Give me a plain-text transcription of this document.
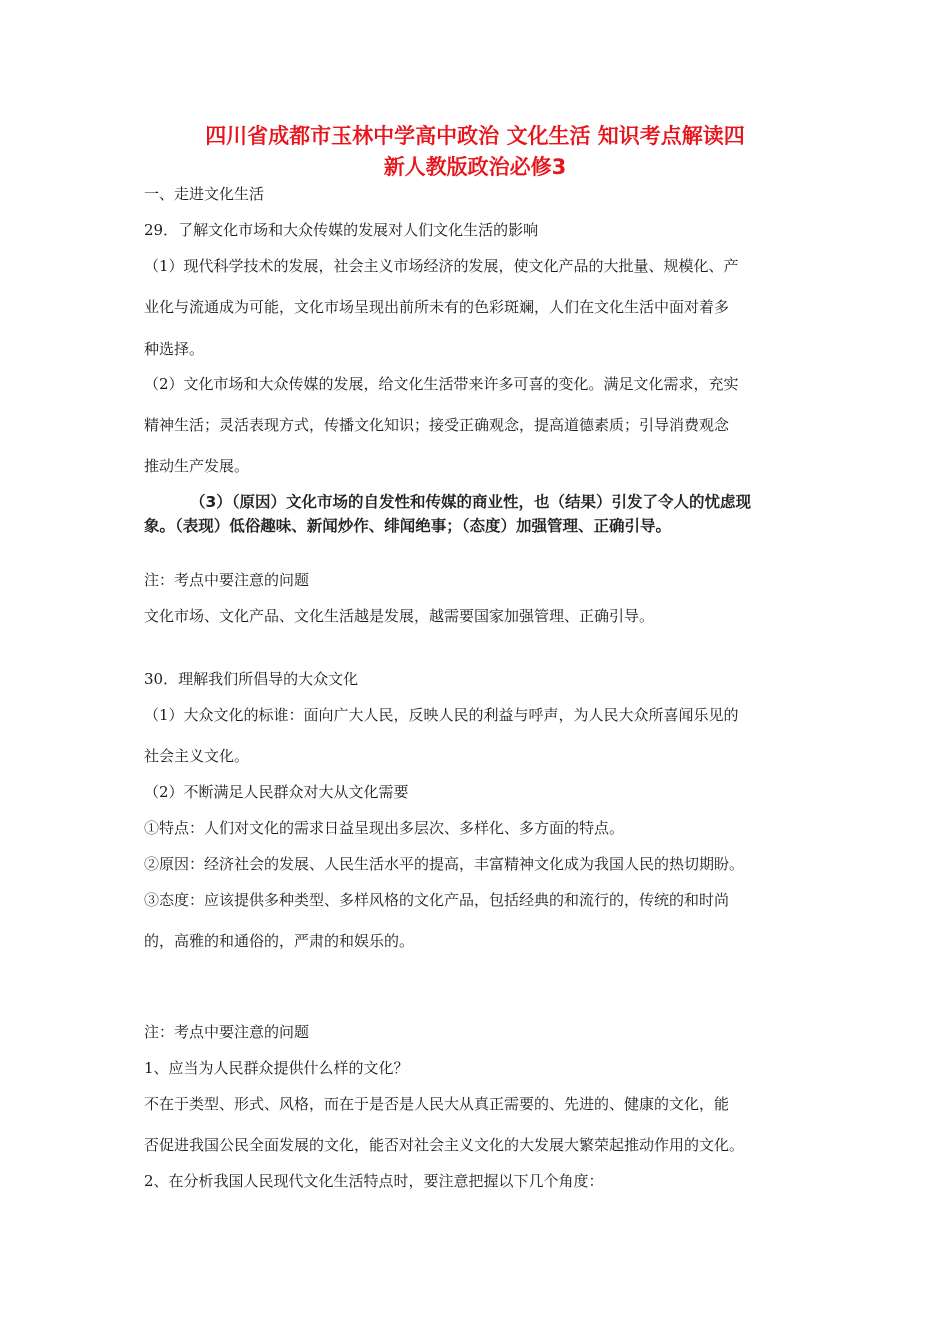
四川省成都市玉林中学高中政治 文化生活 知识考点解读四
新人教版政治必修3
一、走进文化生活
29．了解文化市场和大众传媒的发展对人们文化生活的影响
（1）现代科学技术的发展，社会主义市场经济的发展，使文化产品的大批量、规模化、产
业化与流通成为可能，文化市场呈现出前所未有的色彩斑斓，人们在文化生活中面对着多
种选择。
（2）文化市场和大众传媒的发展，给文化生活带来许多可喜的变化。满足文化需求，充实
精神生活；灵活表现方式，传播文化知识；接受正确观念，提高道德素质；引导消费观念
推动生产发展。
（3）（原因）文化市场的自发性和传媒的商业性，也（结果）引发了令人的忧虑现
象。（表现）低俗趣味、新闻炒作、绯闻绝事；（态度）加强管理、正确引导。
注：考点中要注意的问题
文化市场、文化产品、文化生活越是发展，越需要国家加强管理、正确引导。
30．理解我们所倡导的大众文化
（1）大众文化的标谁：面向广大人民，反映人民的利益与呼声，为人民大众所喜闻乐见的
社会主义文化。
（2）不断满足人民群众对大从文化需要
①特点：人们对文化的需求日益呈现出多层次、多样化、多方面的特点。
②原因：经济社会的发展、人民生活水平的提高，丰富精神文化成为我国人民的热切期盼。
③态度：应该提供多种类型、多样风格的文化产品，包括经典的和流行的，传统的和时尚
的，高雅的和通俗的，严肃的和娱乐的。
注：考点中要注意的问题
1、应当为人民群众提供什么样的文化？
不在于类型、形式、风格，而在于是否是人民大从真正需要的、先进的、健康的文化，能
否促进我国公民全面发展的文化，能否对社会主义文化的大发展大繁荣起推动作用的文化。
2、在分析我国人民现代文化生活特点时，要注意把握以下几个角度：
